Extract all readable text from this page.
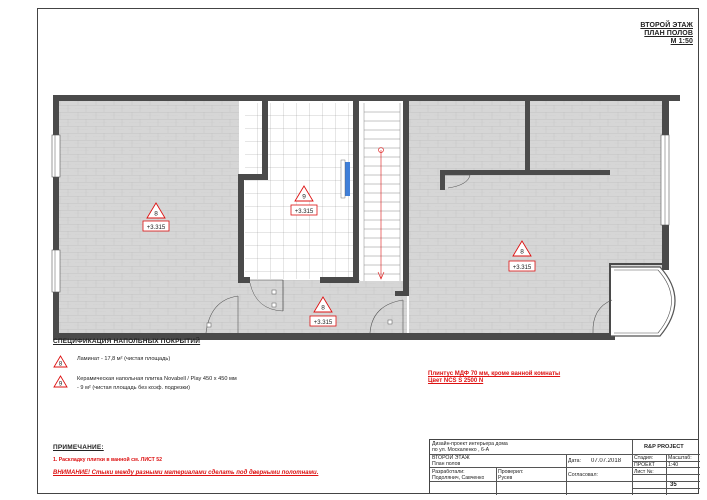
ВТОРОЙ ЭТАЖ
ПЛАН ПОЛОВ
М 1:50
8
+3.315
9
+3.315
8
+3.315
8
+3.315
СПЕЦИФИКАЦИЯ НАПОЛЬНЫХ ПОКРЫТИЙ
8
Ламинат - 17,8 м² (чистая площадь)
9
Керамическая напольная плитка Novabell / Play 450 х 450 мм
- 9 м² (чистая площадь без коэф. подрезки)
Плинтус МДФ 70 мм, кроме ванной комнаты
Цвет NCS S 2500 N
ПРИМЕЧАНИЕ:
1. Раскладку плитки в ванной см. ЛИСТ 52
ВНИМАНИЕ! Стыки между разными материалами сделать под дверными полотнами.
Дизайн-проект интерьера дома
по ул. Москаленко , 6-А	R&P PROJECT
ВТОРОЙ ЭТАЖ
План полов	Дата: 07.07.2018 Стадия:	Масштаб:
ПРОЕКТ	1:40
Разработали:
Подолянич, Савченко
Проверил:
Русев	Согласовал:	Лист №:
35
